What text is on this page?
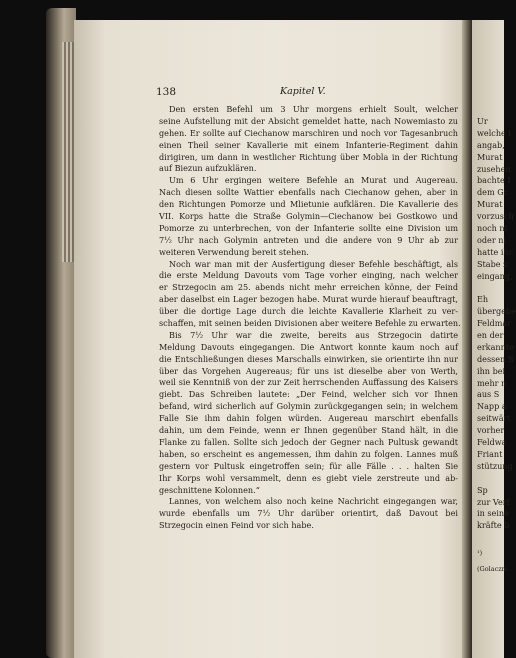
138	Kapitel V.
Den ersten Befehl um 3 Uhr morgens erhielt Soult, welcher
seine Aufstellung mit der Absicht gemeldet hatte, nach Nowemiasto zu
gehen. Er sollte auf Ciechanow marschiren und noch vor Tagesanbruch
einen Theil seiner Kavallerie mit einem Infanterie-Regiment dahin
dirigiren, um dann in westlicher Richtung über Mobla in der Richtung
auf Biezun aufzuklären.
Um 6 Uhr ergingen weitere Befehle an Murat und Augereau.
Nach diesen sollte Wattier ebenfalls nach Ciechanow gehen, aber in
den Richtungen Pomorze und Mlietunie aufklären. Die Kavallerie des
VII. Korps hatte die Straße Golymin—Ciechanow bei Gostkowo und
Pomorze zu unterbrechen, von der Infanterie sollte eine Division um
7½ Uhr nach Golymin antreten und die andere von 9 Uhr ab zur
weiteren Verwendung bereit stehen.
Noch war man mit der Ausfertigung dieser Befehle beschäftigt, als
die erste Meldung Davouts vom Tage vorher einging, nach welcher
er Strzegocin am 25. abends nicht mehr erreichen könne, der Feind
aber daselbst ein Lager bezogen habe. Murat wurde hierauf beauftragt,
über die dortige Lage durch die leichte Kavallerie Klarheit zu ver-
schaffen, mit seinen beiden Divisionen aber weitere Befehle zu erwarten.
Bis 7½ Uhr war die zweite, bereits aus Strzegocin datirte
Meldung Davouts eingegangen. Die Antwort konnte kaum noch auf
die Entschließungen dieses Marschalls einwirken, sie orientirte ihn nur
über das Vorgehen Augereaus; für uns ist dieselbe aber von Werth,
weil sie Kenntniß von der zur Zeit herrschenden Auffassung des Kaisers
giebt. Das Schreiben lautete: „Der Feind, welcher sich vor Ihnen
befand, wird sicherlich auf Golymin zurückgegangen sein; in welchem
Falle Sie ihm dahin folgen würden. Augereau marschirt ebenfalls
dahin, um dem Feinde, wenn er Ihnen gegenüber Stand hält, in die
Flanke zu fallen. Sollte sich jedoch der Gegner nach Pultusk gewandt
haben, so erscheint es angemessen, ihm dahin zu folgen. Lannes muß
gestern vor Pultusk eingetroffen sein; für alle Fälle . . . halten Sie
Ihr Korps wohl versammelt, denn es giebt viele zerstreute und ab-
geschnittene Kolonnen.“
Lannes, von welchem also noch keine Nachricht eingegangen war,
wurde ebenfalls um 7½ Uhr darüber orientirt, daß Davout bei
Strzegocin einen Feind vor sich habe.
Ur
welche i
angab,
Murat
zusehen.
bachte I
dem Gr
Murat
vorzusch
noch ni
oder ni
hatte ihr
Stabe z
eingang,
Eh
übergebe
Feldmar
en der
erkannte
dessen S
ihn bei
mehr n
aus S
Napp a
seitwärt
vorher
Feldwa
Friant
stützung
Sp
zur Verf
in seine
kräfte b
¹)
(Golaczm
